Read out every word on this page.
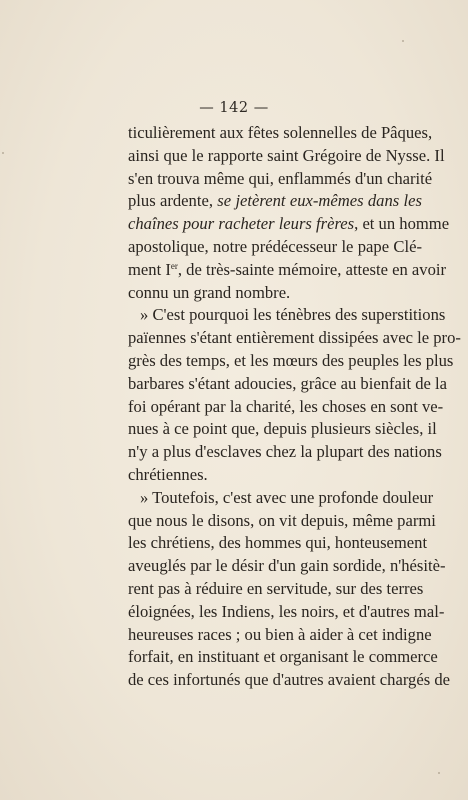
— 142 —
ticulièrement aux fêtes solennelles de Pâques,
ainsi que le rapporte saint Grégoire de Nysse. Il
s'en trouva même qui, enflammés d'un charité
plus ardente, se jetèrent eux-mêmes dans les
chaînes pour racheter leurs frères, et un homme
apostolique, notre prédécesseur le pape Clé-
ment Ier, de très-sainte mémoire, atteste en avoir
connu un grand nombre.
» C'est pourquoi les ténèbres des superstitions
païennes s'étant entièrement dissipées avec le pro-
grès des temps, et les mœurs des peuples les plus
barbares s'étant adoucies, grâce au bienfait de la
foi opérant par la charité, les choses en sont ve-
nues à ce point que, depuis plusieurs siècles, il
n'y a plus d'esclaves chez la plupart des nations
chrétiennes.
» Toutefois, c'est avec une profonde douleur
que nous le disons, on vit depuis, même parmi
les chrétiens, des hommes qui, honteusement
aveuglés par le désir d'un gain sordide, n'hésitè-
rent pas à réduire en servitude, sur des terres
éloignées, les Indiens, les noirs, et d'autres mal-
heureuses races ; ou bien à aider à cet indigne
forfait, en instituant et organisant le commerce
de ces infortunés que d'autres avaient chargés de
